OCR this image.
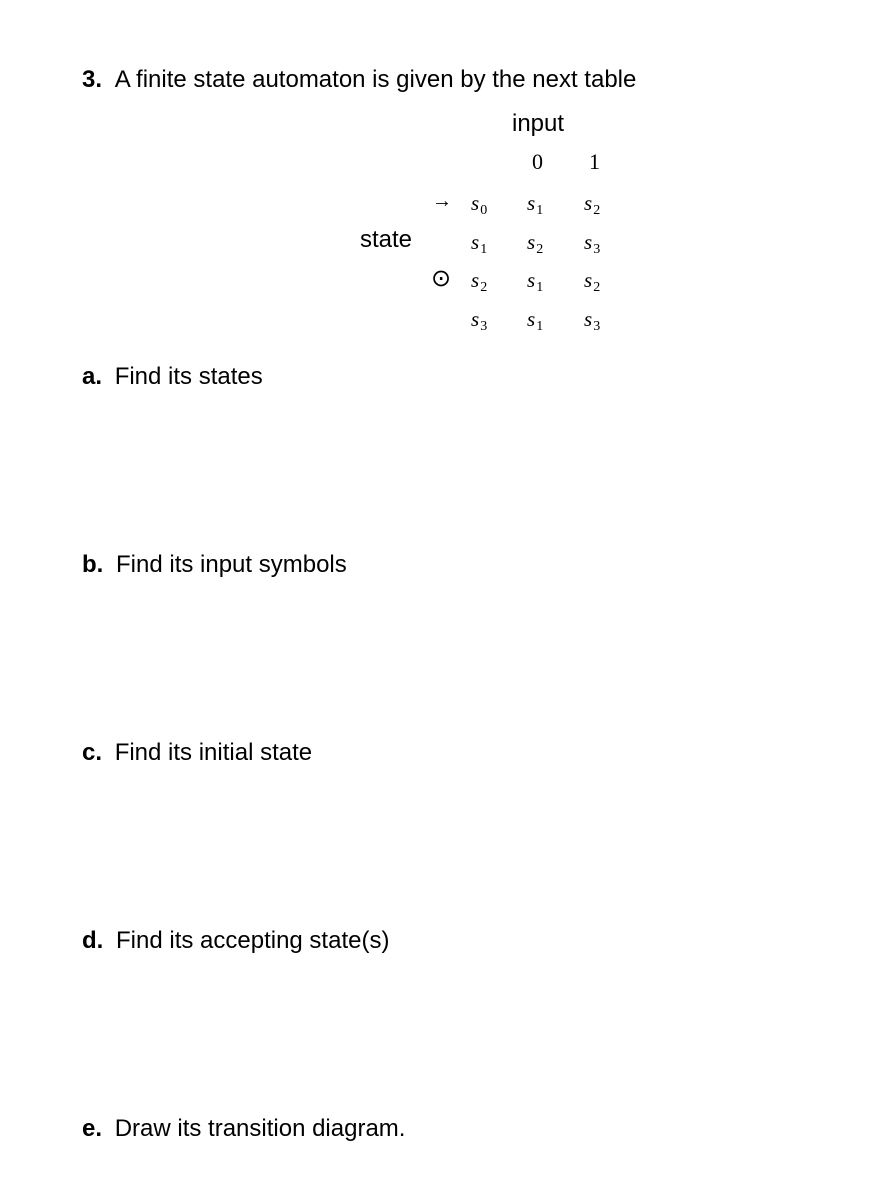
3. A finite state automaton is given by the next table
input
0 1
state
→
⊙
$s_0$ $s_1$ $s_2$
$s_1$ $s_2$ $s_3$
$s_2$ $s_1$ $s_2$
$s_3$ $s_1$ $s_3$
a. Find its states
b. Find its input symbols
c. Find its initial state
d. Find its accepting state(s)
e. Draw its transition diagram.
